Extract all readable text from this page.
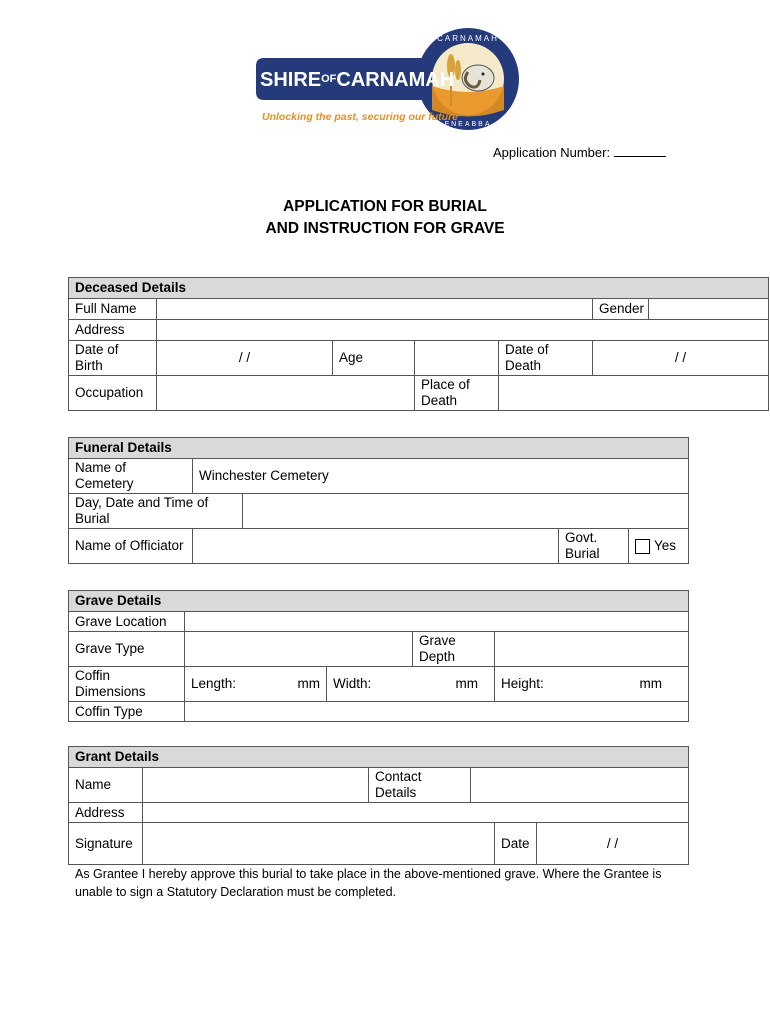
CARNAMAH
ENEABBA
$SHIRE^{OF}CARNAMAH$
Unlocking the past, securing our future
Application Number:
APPLICATION FOR BURIAL
AND INSTRUCTION FOR GRAVE
Deceased Details						
Full Name					Gender	
Address						
Date of Birth	/ /	Age		Date of Death	/ /	
Occupation			Place of Death			
Funeral Details				
Name of Cemetery	Winchester Cemetery			
Day, Date and Time of Burial				
Name of Officiator			Govt. Burial	Yes
Grave Details				
Grave Location				
Grave Type			Grave Depth	
Coffin Dimensions	Length: mm	Width: mm		Height: mm

Coffin Type				
Grant Details					
Name		Contact Details			
Address					
Signature				Date	/ /
As Grantee I hereby approve this burial to take place in the above-mentioned grave. Where the Grantee is unable to sign a Statutory Declaration must be completed.
